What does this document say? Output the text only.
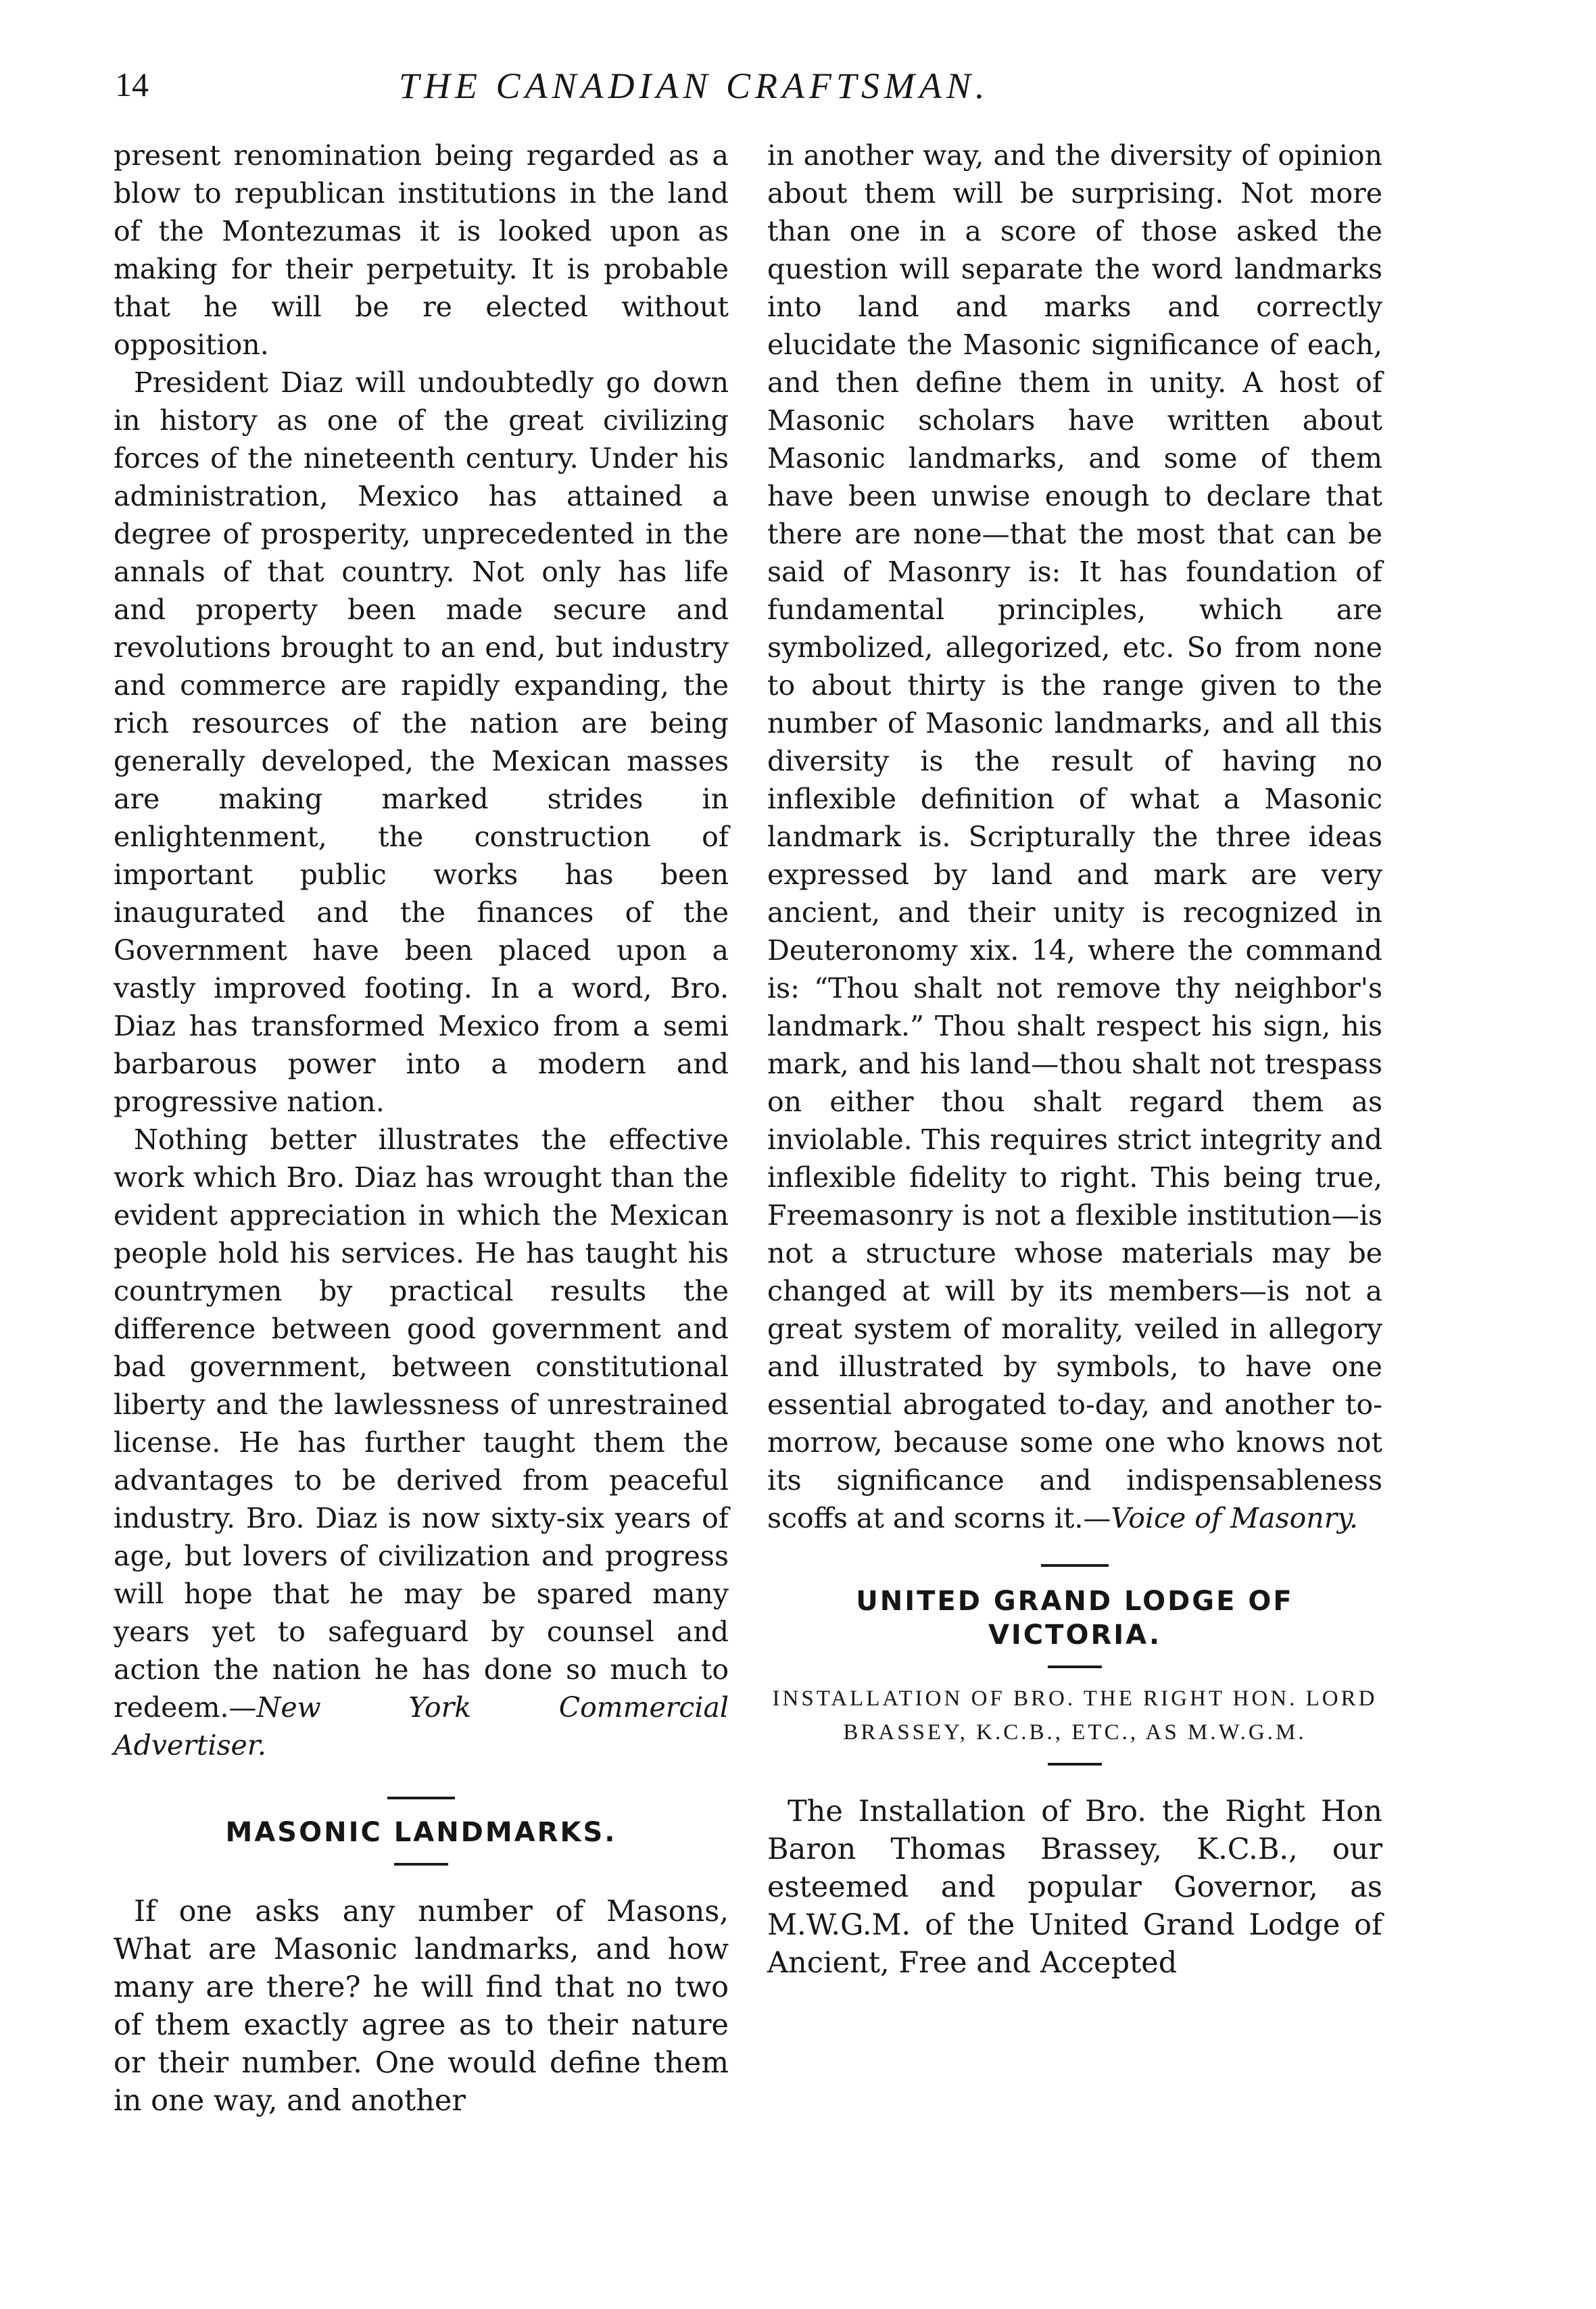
14	THE CANADIAN CRAFTSMAN.

present renomination being regarded as a blow to republican institutions in the land of the Montezumas it is looked upon as making for their perpetuity. It is probable that he will be re elected without opposition.

President Diaz will undoubtedly go down in history as one of the great civilizing forces of the nineteenth century. Under his administration, Mexico has attained a degree of prosperity, unprecedented in the annals of that country. Not only has life and property been made secure and revolutions brought to an end, but industry and commerce are rapidly expanding, the rich resources of the nation are being generally developed, the Mexican masses are making marked strides in enlightenment, the construction of important public works has been inaugurated and the finances of the Government have been placed upon a vastly improved footing. In a word, Bro. Diaz has transformed Mexico from a semi barbarous power into a modern and progressive nation.

Nothing better illustrates the effective work which Bro. Diaz has wrought than the evident appreciation in which the Mexican people hold his services. He has taught his countrymen by practical results the difference between good government and bad government, between constitutional liberty and the lawlessness of unrestrained license. He has further taught them the advantages to be derived from peaceful industry. Bro. Diaz is now sixty-six years of age, but lovers of civilization and progress will hope that he may be spared many years yet to safeguard by counsel and action the nation he has done so much to redeem.—New York Commercial Advertiser.

MASONIC LANDMARKS.

If one asks any number of Masons, What are Masonic landmarks, and how many are there? he will find that no two of them exactly agree as to their nature or their number. One would define them in one way, and another

in another way, and the diversity of opinion about them will be surprising. Not more than one in a score of those asked the question will separate the word landmarks into land and marks and correctly elucidate the Masonic significance of each, and then define them in unity. A host of Masonic scholars have written about Masonic landmarks, and some of them have been unwise enough to declare that there are none—that the most that can be said of Masonry is: It has foundation of fundamental principles, which are symbolized, allegorized, etc. So from none to about thirty is the range given to the number of Masonic landmarks, and all this diversity is the result of having no inflexible definition of what a Masonic landmark is. Scripturally the three ideas expressed by land and mark are very ancient, and their unity is recognized in Deuteronomy xix. 14, where the command is: “Thou shalt not remove thy neighbor's landmark.” Thou shalt respect his sign, his mark, and his land—thou shalt not trespass on either thou shalt regard them as inviolable. This requires strict integrity and inflexible fidelity to right. This being true, Freemasonry is not a flexible institution—is not a structure whose materials may be changed at will by its members—is not a great system of morality, veiled in allegory and illustrated by symbols, to have one essential abrogated to-day, and another to-morrow, because some one who knows not its significance and indispensableness scoffs at and scorns it.—Voice of Masonry.

UNITED GRAND LODGE OF VICTORIA.

INSTALLATION OF BRO. THE RIGHT HON. LORD BRASSEY, K.C.B., ETC., AS M.W.G.M.

The Installation of Bro. the Right Hon Baron Thomas Brassey, K.C.B., our esteemed and popular Governor, as M.W.G.M. of the United Grand Lodge of Ancient, Free and Accepted
